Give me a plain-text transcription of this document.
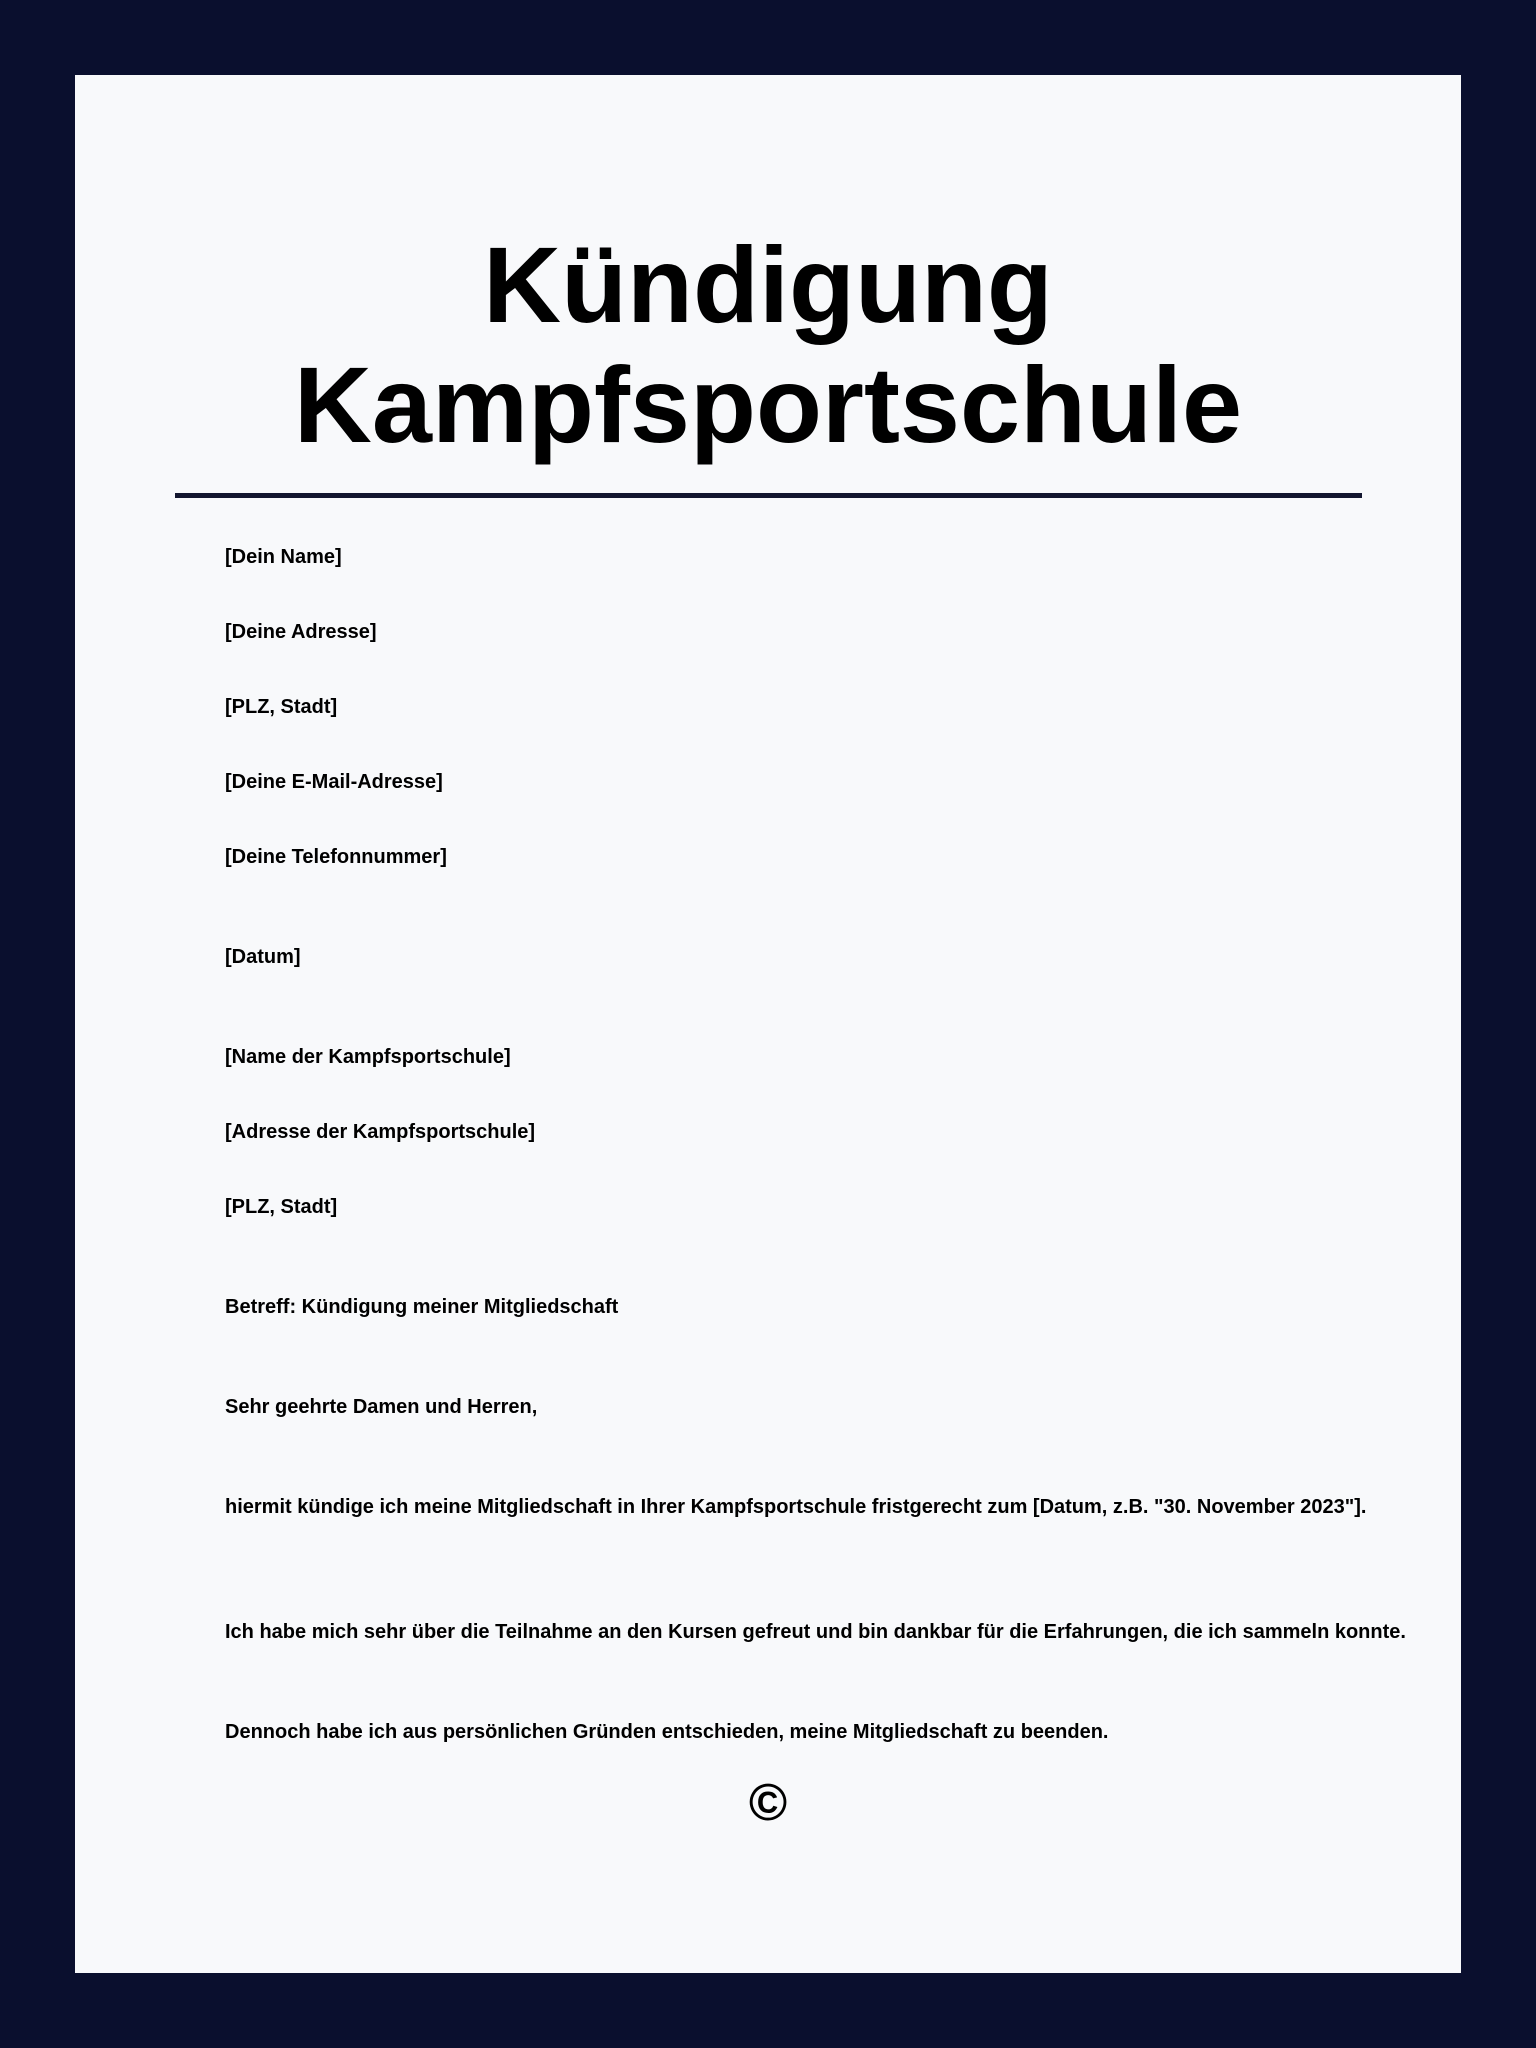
Kündigung
Kampfsportschule

[Dein Name]

[Deine Adresse]

[PLZ, Stadt]

[Deine E-Mail-Adresse]

[Deine Telefonnummer]

[Datum]

[Name der Kampfsportschule]

[Adresse der Kampfsportschule]

[PLZ, Stadt]

Betreff: Kündigung meiner Mitgliedschaft

Sehr geehrte Damen und Herren,

hiermit kündige ich meine Mitgliedschaft in Ihrer Kampfsportschule fristgerecht zum [Datum, z.B. "30. November 2023"].

Ich habe mich sehr über die Teilnahme an den Kursen gefreut und bin dankbar für die Erfahrungen, die ich sammeln konnte.

Dennoch habe ich aus persönlichen Gründen entschieden, meine Mitgliedschaft zu beenden.

©
